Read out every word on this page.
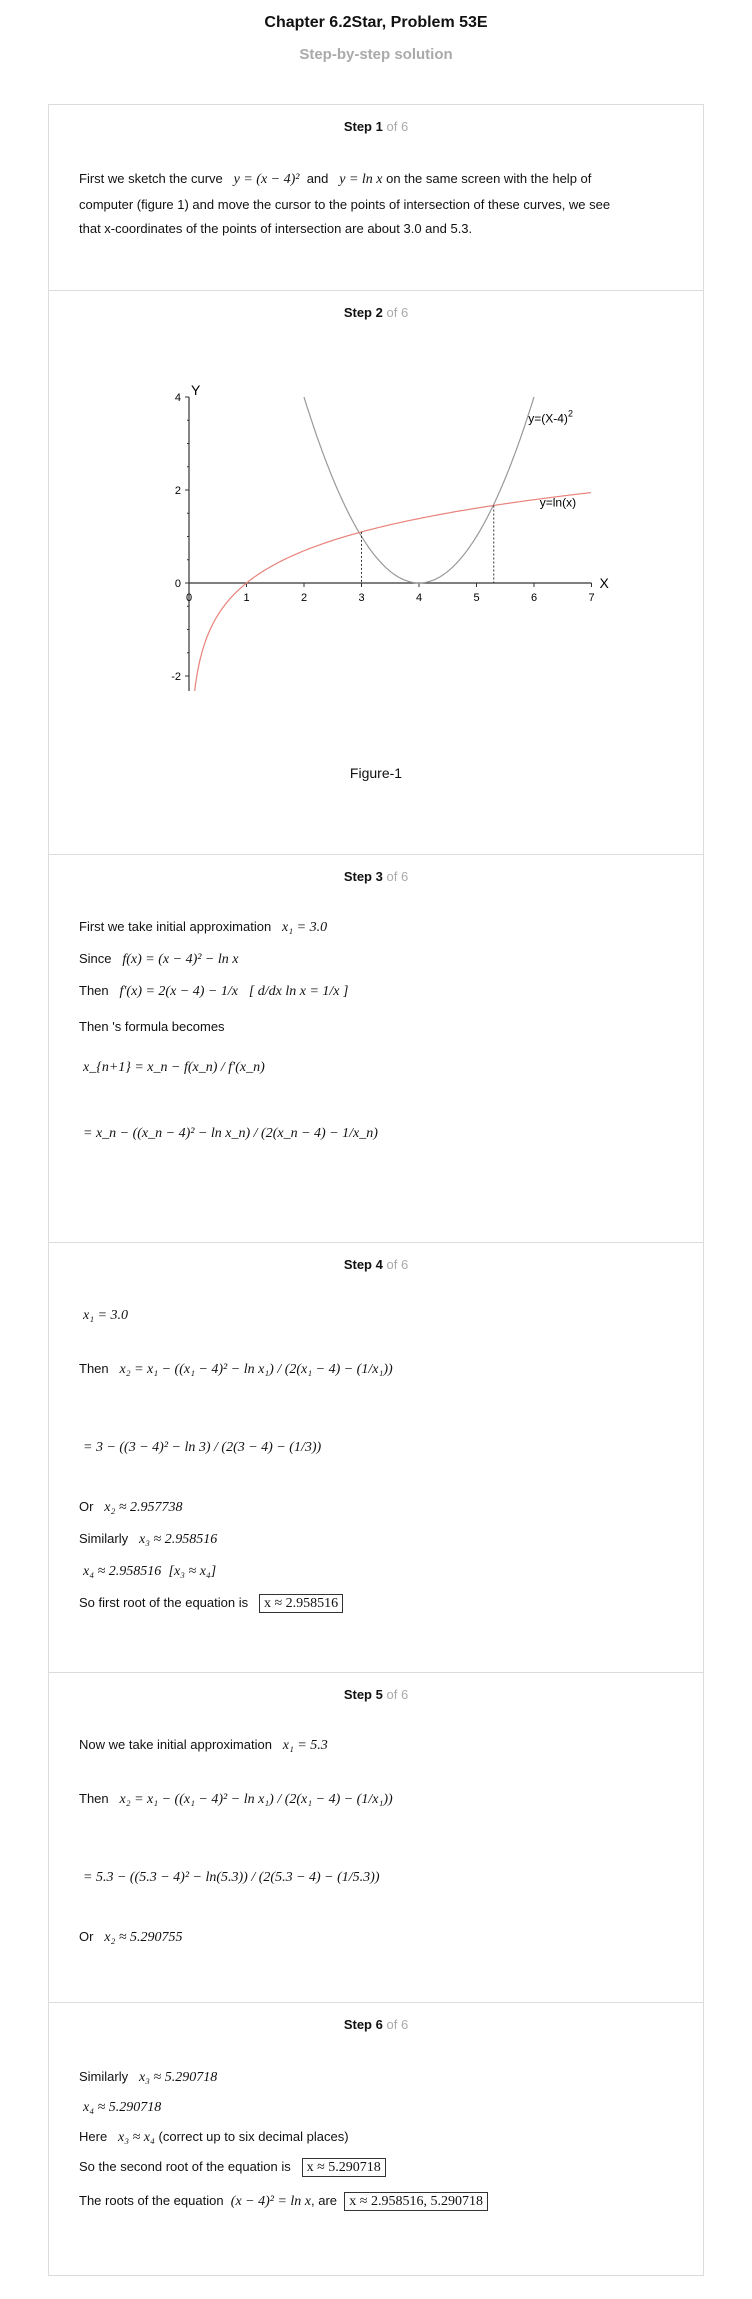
Chapter 6.2Star, Problem 53E
Step-by-step solution
Step 1 of 6
First we sketch the curve y = (x − 4)² and y = ln x on the same screen with the help of
computer (figure 1) and move the cursor to the points of intersection of these curves, we see
that x-coordinates of the points of intersection are about 3.0 and 5.3.
Step 2 of 6
X
Y
0	1	2	3	4	5	6	7
4
2
0
-2
$y=(X-4)^2$
y=ln(x)
Figure-1
Step 3 of 6
First we take initial approximation x₁ = 3.0
Since f(x) = (x − 4)² − ln x
Then f′(x) = 2(x − 4) − 1/x [ d/dx ln x = 1/x ]
Then 's formula becomes
x_{n+1} = x_n − f(x_n) / f′(x_n)
= x_n − ((x_n − 4)² − ln x_n) / (2(x_n − 4) − 1/x_n)
Step 4 of 6
x₁ = 3.0
Then x₂ = x₁ − ((x₁ − 4)² − ln x₁) / (2(x₁ − 4) − (1/x₁))
= 3 − ((3 − 4)² − ln 3) / (2(3 − 4) − (1/3))
Or x₂ ≈ 2.957738
Similarly x₃ ≈ 2.958516
x₄ ≈ 2.958516 [x₃ ≈ x₄]
So first root of the equation is x ≈ 2.958516
Step 5 of 6
Now we take initial approximation x₁ = 5.3
Then x₂ = x₁ − ((x₁ − 4)² − ln x₁) / (2(x₁ − 4) − (1/x₁))
= 5.3 − ((5.3 − 4)² − ln(5.3)) / (2(5.3 − 4) − (1/5.3))
Or x₂ ≈ 5.290755
Step 6 of 6
Similarly x₃ ≈ 5.290718
x₄ ≈ 5.290718
Here x₃ ≈ x₄ (correct up to six decimal places)
So the second root of the equation is x ≈ 5.290718
The roots of the equation (x − 4)² = ln x, are x ≈ 2.958516, 5.290718
